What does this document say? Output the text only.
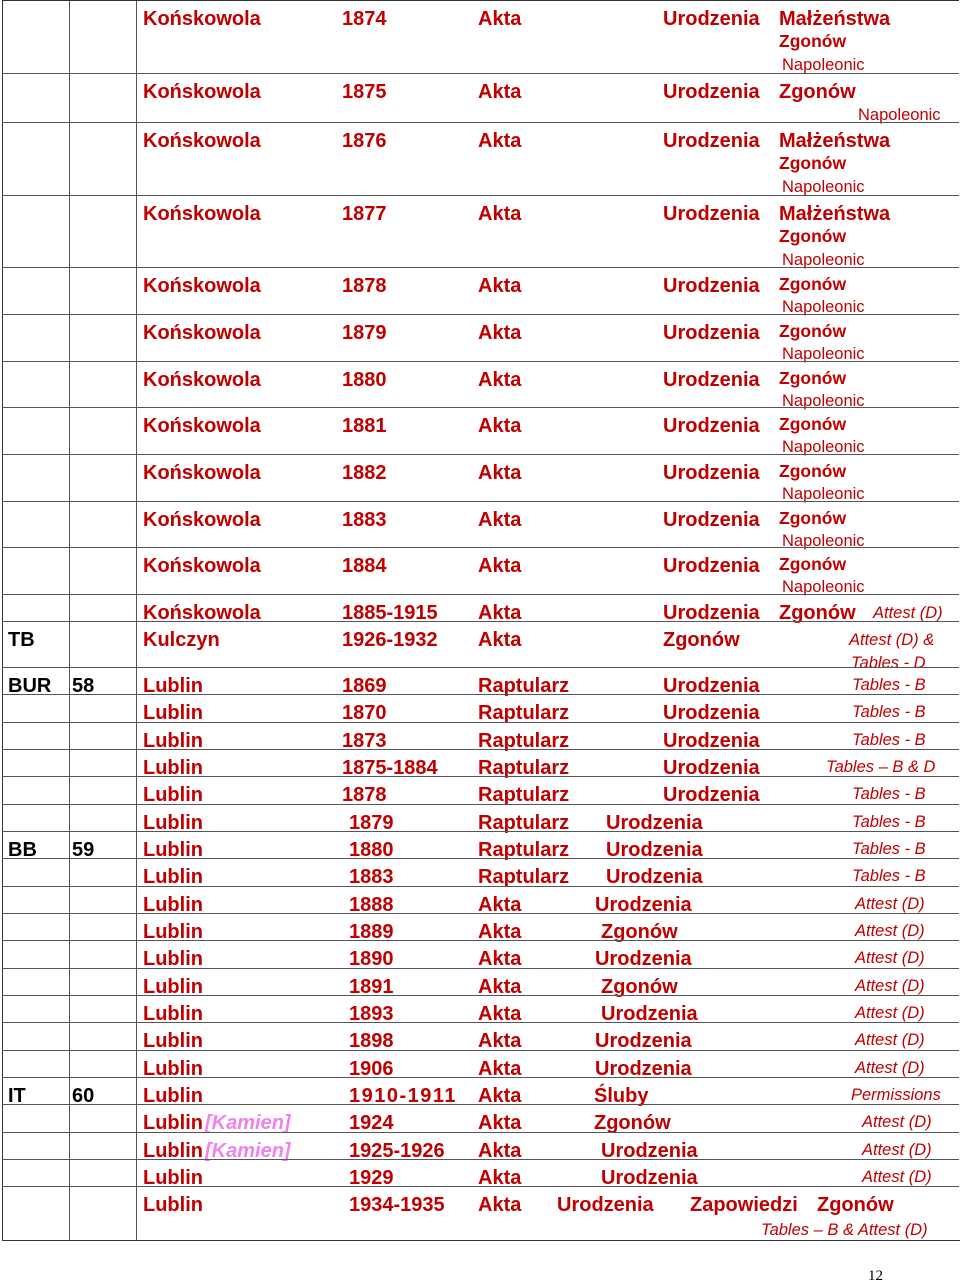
Końskowola	1874	Akta	Urodzenia Małżeństwa
Zgonów
Napoleonic
Końskowola	1875	Akta	Urodzenia Zgonów
Napoleonic
Końskowola	1876	Akta	Urodzenia Małżeństwa
Zgonów
Napoleonic
Końskowola	1877	Akta	Urodzenia Małżeństwa
Zgonów
Napoleonic
Końskowola	1878	Akta	Urodzenia Zgonów
Napoleonic
Końskowola	1879	Akta	Urodzenia Zgonów
Napoleonic
Końskowola	1880	Akta	Urodzenia Zgonów
Napoleonic
Końskowola	1881	Akta	Urodzenia Zgonów
Napoleonic
Końskowola	1882	Akta	Urodzenia Zgonów
Napoleonic
Końskowola	1883	Akta	Urodzenia Zgonów
Napoleonic
Końskowola	1884	Akta	Urodzenia Zgonów
Napoleonic
Końskowola	1885-1915 Akta	Urodzenia Zgonów Attest (D)
TB	Kulczyn	1926-1932 Akta	Zgonów	Attest (D) &
Tables - D
BUR 58 Lublin	1869	Raptularz	Urodzenia	Tables - B
Lublin	1870	Raptularz	Urodzenia	Tables - B
Lublin	1873	Raptularz	Urodzenia	Tables - B
Lublin	1875-1884 Raptularz	Urodzenia	Tables – B & D
Lublin	1878	Raptularz	Urodzenia	Tables - B
Lublin	1879	Raptularz Urodzenia	Tables - B
BB 59 Lublin	1880	Raptularz Urodzenia	Tables - B
Lublin	1883	Raptularz Urodzenia	Tables - B
Lublin	1888	Akta	Urodzenia	Attest (D)
Lublin	1889	Akta	Zgonów	Attest (D)
Lublin	1890	Akta	Urodzenia	Attest (D)
Lublin	1891	Akta	Zgonów	Attest (D)
Lublin	1893	Akta	Urodzenia	Attest (D)
Lublin	1898	Akta	Urodzenia	Attest (D)
Lublin	1906	Akta	Urodzenia	Attest (D)
IT 60 Lublin	1910-1911 Akta	Śluby	Permissions
Lublin [Kamien]	1924	Akta	Zgonów	Attest (D)
Lublin [Kamien]	1925-1926 Akta	Urodzenia	Attest (D)
Lublin	1929	Akta	Urodzenia	Attest (D)
Lublin	1934-1935 Akta Urodzenia Zapowiedzi Zgonów
Tables – B & Attest (D)
12
